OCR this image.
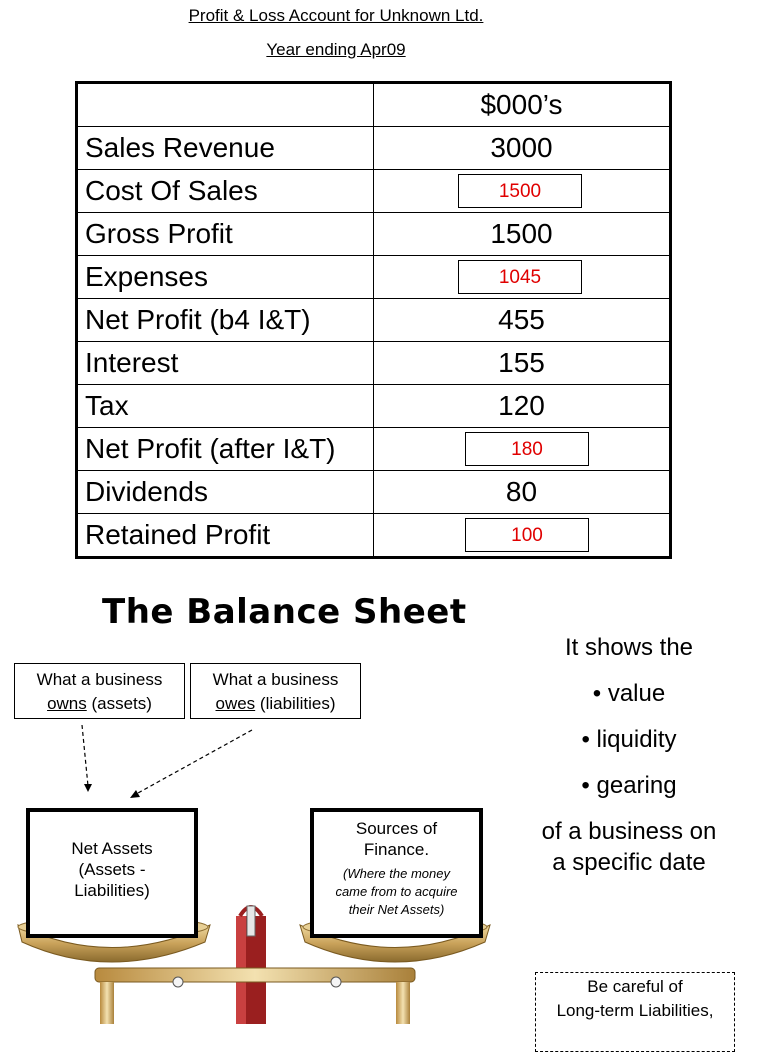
Profit & Loss Account for Unknown Ltd.
Year ending Apr09
	$000’s
Sales Revenue	3000
Cost Of Sales	1500

Gross Profit	1500
Expenses	1045

Net Profit (b4 I&T)	455
Interest	155
Tax	120
Net Profit (after I&T)	180

Dividends	80
Retained Profit	100
The Balance Sheet
What a business
owns (assets)
What a business
owes (liabilities)
Net Assets
(Assets -
Liabilities)
Sources of
Finance.
(Where the money
came from to acquire
their Net Assets)
It shows the
• value
• liquidity
• gearing
of a business on
a specific date
Be careful of
Long-term Liabilities,
